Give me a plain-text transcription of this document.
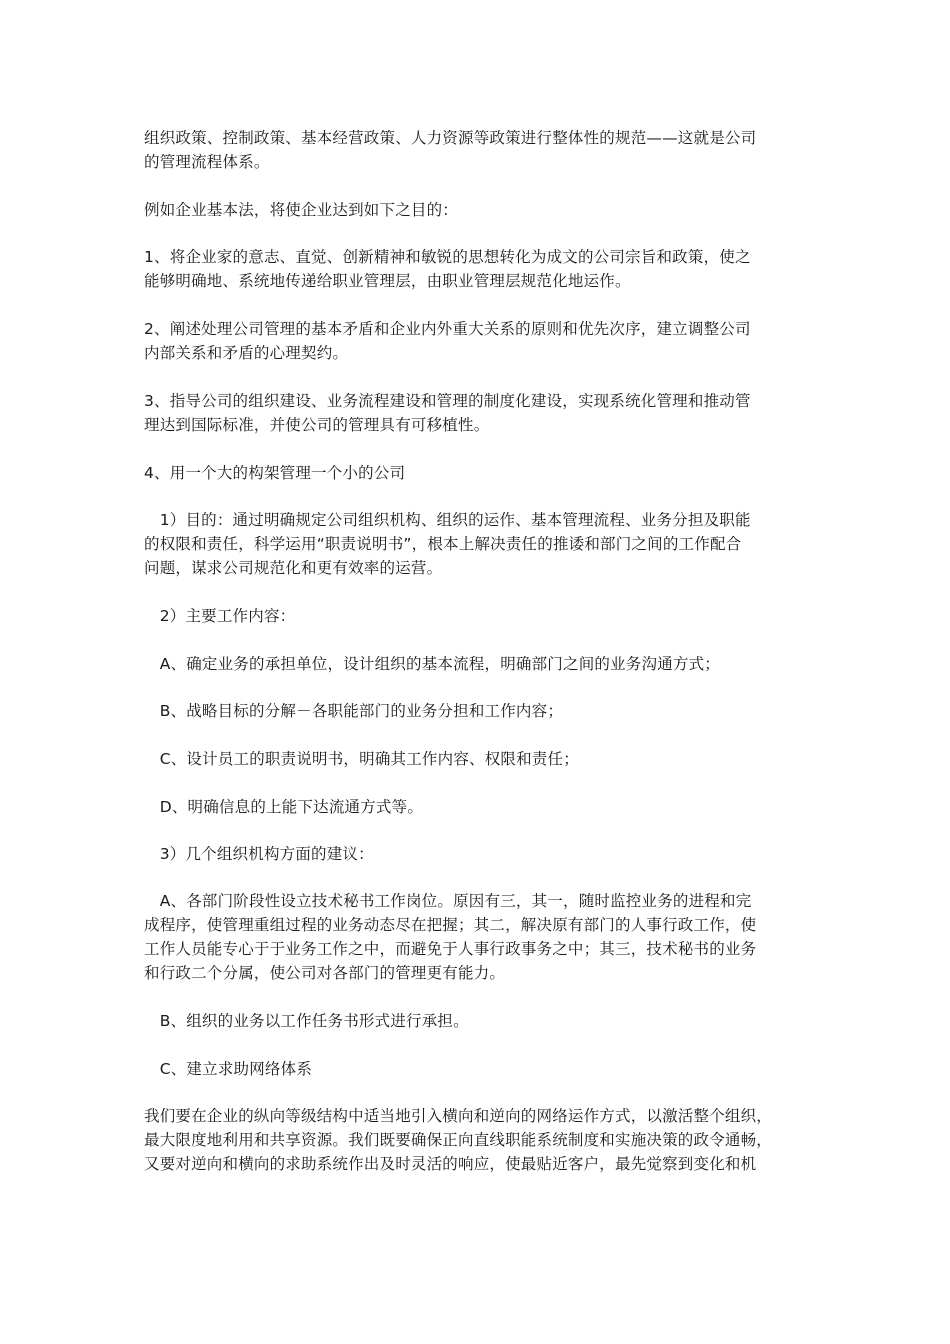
组织政策、控制政策、基本经营政策、人力资源等政策进行整体性的规范——这就是公司
的管理流程体系。
例如企业基本法，将使企业达到如下之目的：
1、将企业家的意志、直觉、创新精神和敏锐的思想转化为成文的公司宗旨和政策，使之
能够明确地、系统地传递给职业管理层，由职业管理层规范化地运作。
2、阐述处理公司管理的基本矛盾和企业内外重大关系的原则和优先次序，建立调整公司
内部关系和矛盾的心理契约。
3、指导公司的组织建设、业务流程建设和管理的制度化建设，实现系统化管理和推动管
理达到国际标准，并使公司的管理具有可移植性。
4、用一个大的构架管理一个小的公司
　1）目的：通过明确规定公司组织机构、组织的运作、基本管理流程、业务分担及职能
的权限和责任，科学运用“职责说明书”，根本上解决责任的推诿和部门之间的工作配合
问题，谋求公司规范化和更有效率的运营。
　2）主要工作内容：
　A、确定业务的承担单位，设计组织的基本流程，明确部门之间的业务沟通方式；
　B、战略目标的分解－各职能部门的业务分担和工作内容；
　C、设计员工的职责说明书，明确其工作内容、权限和责任；
　D、明确信息的上能下达流通方式等。
　3）几个组织机构方面的建议：
　A、各部门阶段性设立技术秘书工作岗位。原因有三，其一，随时监控业务的进程和完
成程序，使管理重组过程的业务动态尽在把握；其二，解决原有部门的人事行政工作，使
工作人员能专心于于业务工作之中，而避免于人事行政事务之中；其三，技术秘书的业务
和行政二个分属，使公司对各部门的管理更有能力。
　B、组织的业务以工作任务书形式进行承担。
　C、建立求助网络体系
我们要在企业的纵向等级结构中适当地引入横向和逆向的网络运作方式，以激活整个组织，
最大限度地利用和共享资源。我们既要确保正向直线职能系统制度和实施决策的政令通畅，
又要对逆向和横向的求助系统作出及时灵活的响应，使最贴近客户，最先觉察到变化和机
